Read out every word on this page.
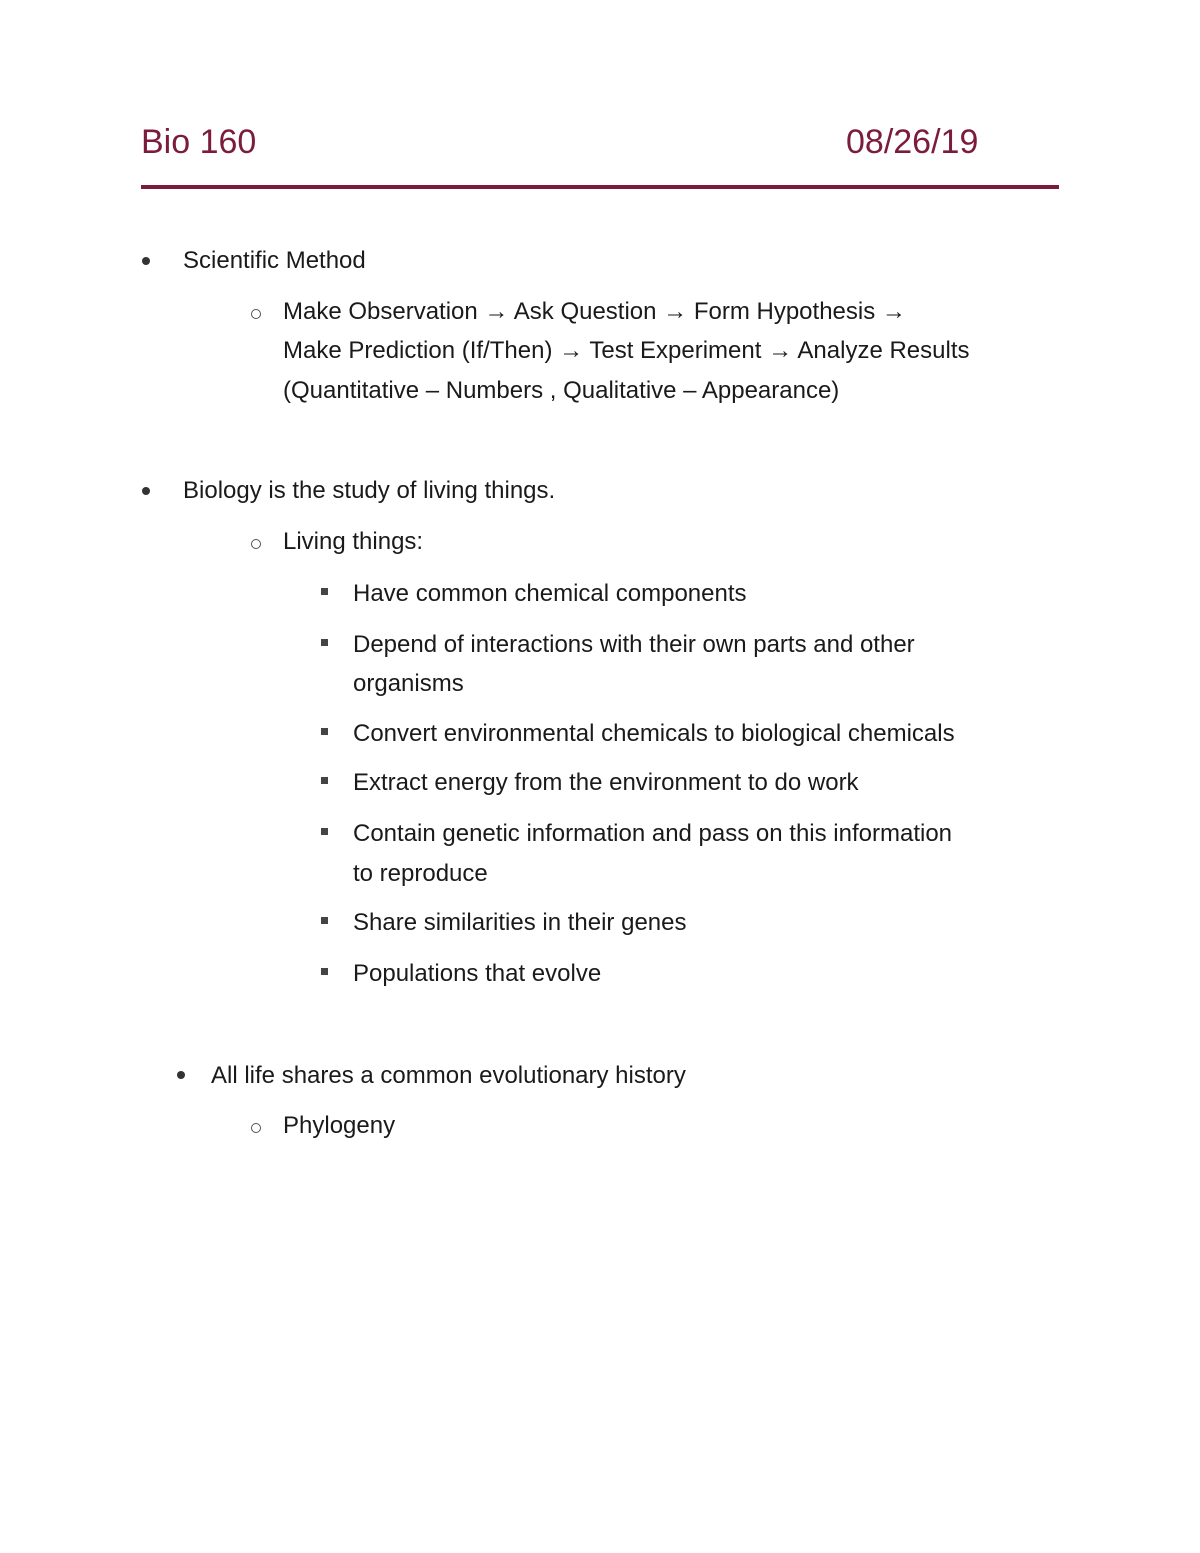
Bio 160	08/26/19
Scientific Method
Make Observation → Ask Question → Form Hypothesis →
Make Prediction (If/Then) → Test Experiment → Analyze Results
(Quantitative – Numbers , Qualitative – Appearance)
Biology is the study of living things.
Living things:
Have common chemical components
Depend of interactions with their own parts and other
organisms
Convert environmental chemicals to biological chemicals
Extract energy from the environment to do work
Contain genetic information and pass on this information
to reproduce
Share similarities in their genes
Populations that evolve
All life shares a common evolutionary history
Phylogeny
